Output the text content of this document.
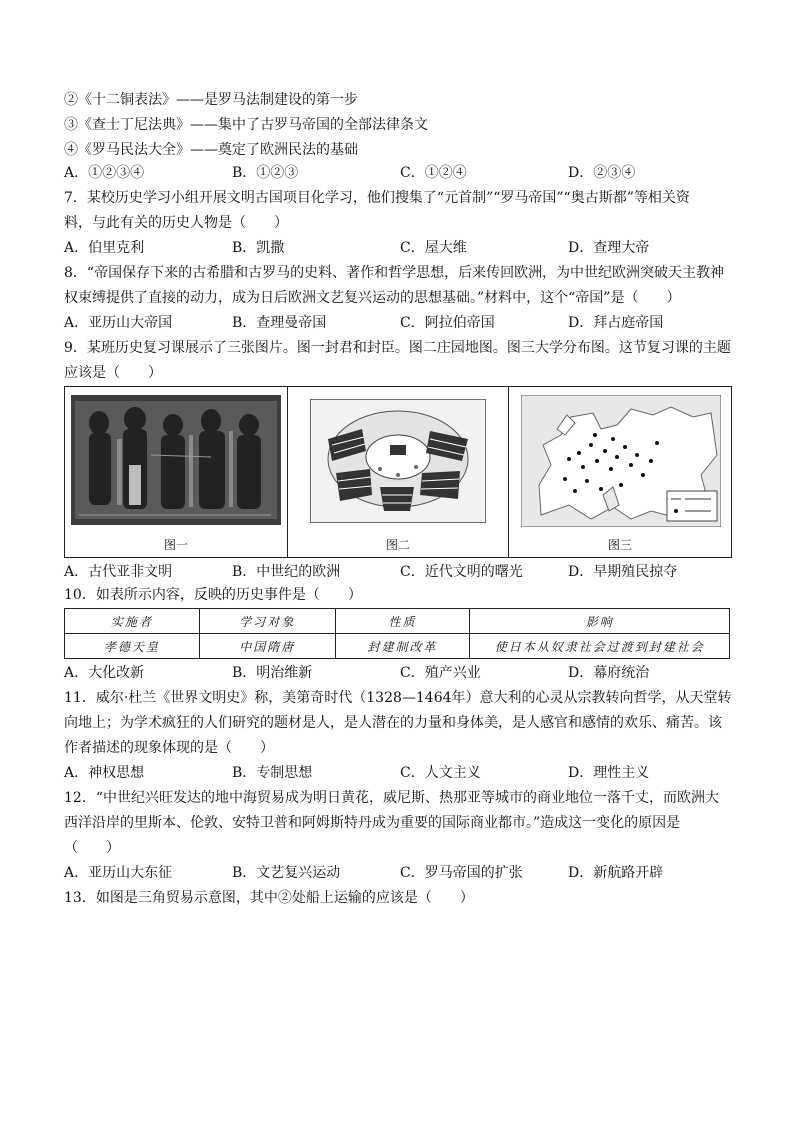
②《十二铜表法》——是罗马法制建设的第一步
③《查士丁尼法典》——集中了古罗马帝国的全部法律条文
④《罗马民法大全》——奠定了欧洲民法的基础
A．①②③④	B．①②③	C．①②④	D．②③④
7．某校历史学习小组开展文明古国项目化学习，他们搜集了“元首制”“罗马帝国”“奥古斯都”等相关资
料，与此有关的历史人物是（　　）
A．伯里克利	B．凯撒	C．屋大维	D．查理大帝
8．“帝国保存下来的古希腊和古罗马的史料、著作和哲学思想，后来传回欧洲，为中世纪欧洲突破天主教神
权束缚提供了直接的动力，成为日后欧洲文艺复兴运动的思想基础。”材料中，这个“帝国”是（　　）
A．亚历山大帝国	B．查理曼帝国	C．阿拉伯帝国	D．拜占庭帝国
9．某班历史复习课展示了三张图片。图一封君和封臣。图二庄园地图。图三大学分布图。这节复习课的主题
应该是（　　）
图一	图二	图三
A．古代亚非文明	B．中世纪的欧洲	C．近代文明的曙光	D．早期殖民掠夺
10．如表所示内容，反映的历史事件是（　　）
实施者	学习对象	性质	影响
孝德天皇	中国隋唐	封建制改革	使日本从奴隶社会过渡到封建社会
A．大化改新	B．明治维新	C．殖产兴业	D．幕府统治
11．威尔·杜兰《世界文明史》称，美第奇时代（1328—1464年）意大利的心灵从宗教转向哲学，从天堂转
向地上；为学术疯狂的人们研究的题材是人，是人潜在的力量和身体美，是人感官和感情的欢乐、痛苦。该
作者描述的现象体现的是（　　）
A．神权思想	B．专制思想	C．人文主义	D．理性主义
12．“中世纪兴旺发达的地中海贸易成为明日黄花，威尼斯、热那亚等城市的商业地位一落千丈，而欧洲大
西洋沿岸的里斯本、伦敦、安特卫普和阿姆斯特丹成为重要的国际商业都市。”造成这一变化的原因是
（　　）
A．亚历山大东征	B．文艺复兴运动	C．罗马帝国的扩张	D．新航路开辟
13．如图是三角贸易示意图，其中②处船上运输的应该是（　　）
